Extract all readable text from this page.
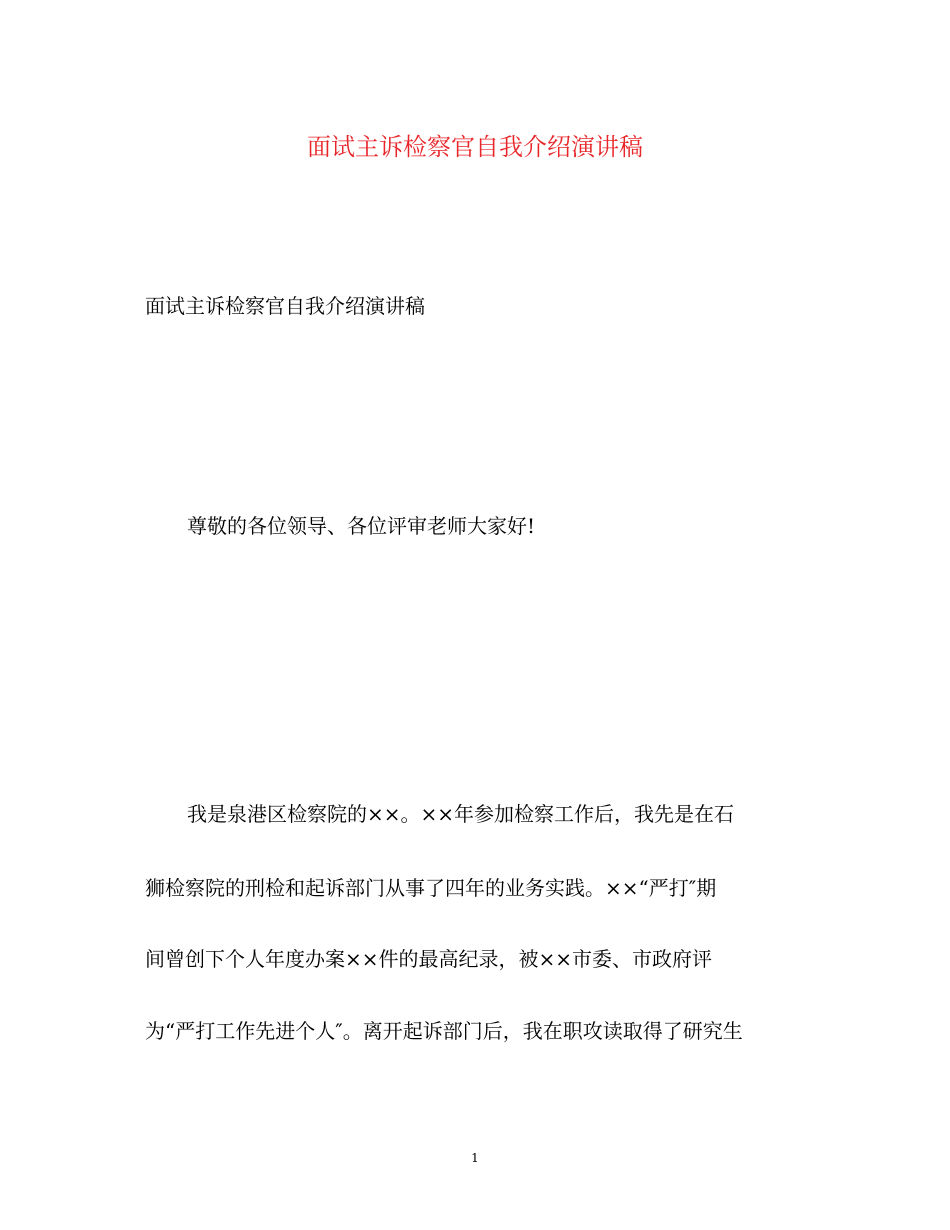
面试主诉检察官自我介绍演讲稿
面试主诉检察官自我介绍演讲稿
尊敬的各位领导、各位评审老师大家好!
我是泉港区检察院的××。××年参加检察工作后，我先是在石
狮检察院的刑检和起诉部门从事了四年的业务实践。××“严打″期
间曾创下个人年度办案××件的最高纪录，被××市委、市政府评
为“严打工作先进个人″。离开起诉部门后，我在职攻读取得了研究生
1
